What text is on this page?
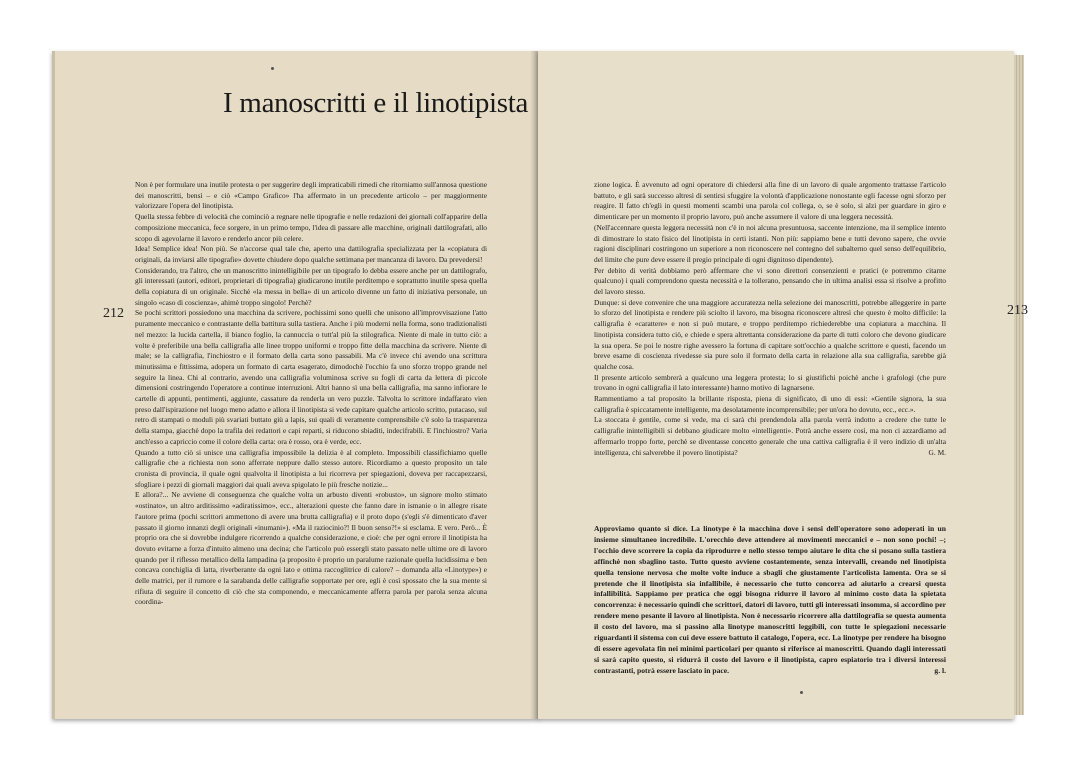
I manoscritti e il linotipista
212

Non è per formulare una inutile protesta o per suggerire degli impraticabili rimedi che ritorniamo sull'annosa questione dei manoscritti, bensì – e ciò «Campo Grafico» l'ha affermato in un precedente articolo – per maggiormente valorizzare l'opera del linotipista.

Quella stessa febbre di velocità che cominciò a regnare nelle tipografie e nelle redazioni dei giornali coll'apparire della composizione meccanica, fece sorgere, in un primo tempo, l'idea di passare alle macchine, originali dattilografati, allo scopo di agevolarne il lavoro e renderlo ancor più celere.

Idea! Semplice idea! Non più. Se n'accorse qual tale che, aperto una dattilografia specializzata per la «copiatura di originali, da inviarsi alle tipografie» dovette chiudere dopo qualche settimana per mancanza di lavoro. Da prevedersi!

Considerando, tra l'altro, che un manoscritto inintelligibile per un tipografo lo debba essere anche per un dattilografo, gli interessati (autori, editori, proprietari di tipografia) giudicarono inutile perditempo e soprattutto inutile spesa quella della copiatura di un originale. Sicchè «la messa in bella» di un articolo divenne un fatto di iniziativa personale, un singolo «caso di coscienza», ahimè troppo singolo! Perchè?

Se pochi scrittori possiedono una macchina da scrivere, pochissimi sono quelli che unisono all'improvvisazione l'atto puramente meccanico e contrastante della battitura sulla tastiera. Anche i più moderni nella forma, sono tradizionalisti nel mezzo: la lucida cartella, il bianco foglio, la cannuccia o tutt'al più la stilografica. Niente di male in tutto ciò: a volte è preferibile una bella calligrafia alle linee troppo uniformi e troppo fitte della macchina da scrivere. Niente di male; se la calligrafia, l'inchiostro e il formato della carta sono passabili. Ma c'è invece chi avendo una scrittura minutissima e fittissima, adopera un formato di carta esagerato, dimodochè l'occhio fa uno sforzo troppo grande nel seguire la linea. Chi al contrario, avendo una calligrafia voluminosa scrive su fogli di carta da lettera di piccole dimensioni costringendo l'operatore a continue interruzioni. Altri hanno sì una bella calligrafia, ma sanno infiorare le cartelle di appunti, pentimenti, aggiunte, cassature da renderla un vero puzzle. Talvolta lo scrittore indaffarato vien preso dall'ispirazione nel luogo meno adatto e allora il linotipista si vede capitare qualche articolo scritto, putacaso, sul retro di stampati o moduli più svariati buttato giù a lapis, sui quali di veramente comprensibile c'è solo la trasparenza della stampa, giacchè dopo la trafila dei redattori e capi reparti, si riducono sbiaditi, indecifrabili. E l'inchiostro? Varia anch'esso a capriccio come il colore della carta: ora è rosso, ora è verde, ecc.

Quando a tutto ciò si unisce una calligrafia impossibile la delizia è al completo. Impossibili classifichiamo quelle calligrafie che a richiesta non sono afferrate neppure dallo stesso autore. Ricordiamo a questo proposito un tale cronista di provincia, il quale ogni qualvolta il linotipista a lui ricorreva per spiegazioni, doveva per raccapezzarsi, sfogliare i pezzi di giornali maggiori dai quali aveva spigolato le più fresche notizie...

E allora?... Ne avviene di conseguenza che qualche volta un arbusto diventi «robusto», un signore molto stimato «ostinato», un altro arditissimo «adiratissimo», ecc., alterazioni queste che fanno dare in ismanie o in allegre risate l'autore prima (pochi scrittori ammettono di avere una brutta calligrafia) e il proto dopo (s'egli s'è dimenticato d'aver passato il giorno innanzi degli originali «inumani»). «Ma il raziocinio?! Il buon senso?!» si esclama. E vero. Però... È proprio ora che si dovrebbe indulgere ricorrendo a qualche considerazione, e cioè: che per ogni errore il linotipista ha dovuto evitarne a forza d'intuito almeno una decina; che l'articolo può essergli stato passato nelle ultime ore di lavoro quando per il riflesso metallico della lampadina (a proposito è proprio un paralume razionale quella lucidissima e ben concava conchiglia di latta, riverberante da ogni lato e ottima raccoglitrice di calore? – domanda alla «Linotype») e delle matrici, per il rumore e la sarabanda delle calligrafie sopportate per ore, egli è così spossato che la sua mente si rifiuta di seguire il concetto di ciò che sta componendo, e meccanicamente afferra parola per parola senza alcuna coordina-

213

zione logica. È avvenuto ad ogni operatore di chiedersi alla fine di un lavoro di quale argomento trattasse l'articolo battuto, e gli sarà successo altresì di sentirsi sfuggire la volontà d'applicazione nonostante egli facesse ogni sforzo per reagire. Il fatto ch'egli in questi momenti scambi una parola col collega, o, se è solo, si alzi per guardare in giro e dimenticare per un momento il proprio lavoro, può anche assumere il valore di una leggera necessità.

(Nell'accennare questa leggera necessità non c'è in noi alcuna presuntuosa, saccente intenzione, ma il semplice intento di dimostrare lo stato fisico del linotipista in certi istanti. Non più: sappiamo bene e tutti devono sapere, che ovvie ragioni disciplinari costringono un superiore a non riconoscere nel contegno del subalterno quel senso dell'equilibrio, del limite che pure deve essere il pregio principale di ogni dignitoso dipendente).

Per debito di verità dobbiamo però affermare che vi sono direttori consenzienti e pratici (e potremmo citarne qualcuno) i quali comprendono questa necessità e la tollerano, pensando che in ultima analisi essa si risolve a profitto del lavoro stesso.

Dunque: si deve convenire che una maggiore accuratezza nella selezione dei manoscritti, potrebbe alleggerire in parte lo sforzo del linotipista e rendere più sciolto il lavoro, ma bisogna riconoscere altresì che questo è molto difficile: la calligrafia è «carattere» e non si può mutare, e troppo perditempo richiederebbe una copiatura a macchina. Il linotipista considera tutto ciò, e chiede e spera altrettanta considerazione da parte di tutti coloro che devono giudicare la sua opera. Se poi le nostre righe avessero la fortuna di capitare sott'occhio a qualche scrittore e questi, facendo un breve esame di coscienza rivedesse sia pure solo il formato della carta in relazione alla sua calligrafia, sarebbe già qualche cosa.

Il presente articolo sembrerà a qualcuno una leggera protesta; lo si giustifichi poichè anche i grafologi (che pure trovano in ogni calligrafia il lato interessante) hanno motivo di lagnarsene.

Rammentiamo a tal proposito la brillante risposta, piena di significato, di uno di essi: «Gentile signora, la sua calligrafia è spiccatamente intelligente, ma desolatamente incomprensibile; per un'ora ho dovuto, ecc., ecc.».

La stoccata è gentile, come si vede, ma ci sarà chi prendendola alla parola verrà indotto a credere che tutte le calligrafie inintelligibili si debbano giudicare molto «intelligenti». Potrà anche essere così, ma non ci azzardiamo ad affermarlo troppo forte, perchè se diventasse concetto generale che una cattiva calligrafia è il vero indizio di un'alta intelligenza, chi salverebbe il povero linotipista?	G. M.

Approviamo quanto si dice. La linotype è la macchina dove i sensi dell'operatore sono adoperati in un insieme simultaneo incredibile. L'orecchio deve attendere ai movimenti meccanici e – non sono pochi! –; l'occhio deve scorrere la copia da riprodurre e nello stesso tempo aiutare le dita che si posano sulla tastiera affinchè non sbaglino tasto. Tutto questo avviene costantemente, senza intervalli, creando nel linotipista quella tensione nervosa che molte volte induce a sbagli che giustamente l'articolista lamenta. Ora se si pretende che il linotipista sia infallibile, è necessario che tutto concorra ad aiutarlo a crearsi questa infallibilità. Sappiamo per pratica che oggi bisogna ridurre il lavoro al minimo costo data la spietata concorrenza: è necessario quindi che scrittori, datori di lavoro, tutti gli interessati insomma, si accordino per rendere meno pesante il lavoro al linotipista. Non è necessario ricorrere alla dattilografia se questa aumenta il costo del lavoro, ma si passino alla linotype manoscritti leggibili, con tutte le spiegazioni necessarie riguardanti il sistema con cui deve essere battuto il catalogo, l'opera, ecc. La linotype per rendere ha bisogno di essere agevolata fin nei minimi particolari per quanto si riferisce ai manoscritti. Quando dagli interessati si sarà capito questo, si ridurrà il costo del lavoro e il linotipista, capro espiatorio tra i diversi interessi contrastanti, potrà essere lasciato in pace.	g. l.
